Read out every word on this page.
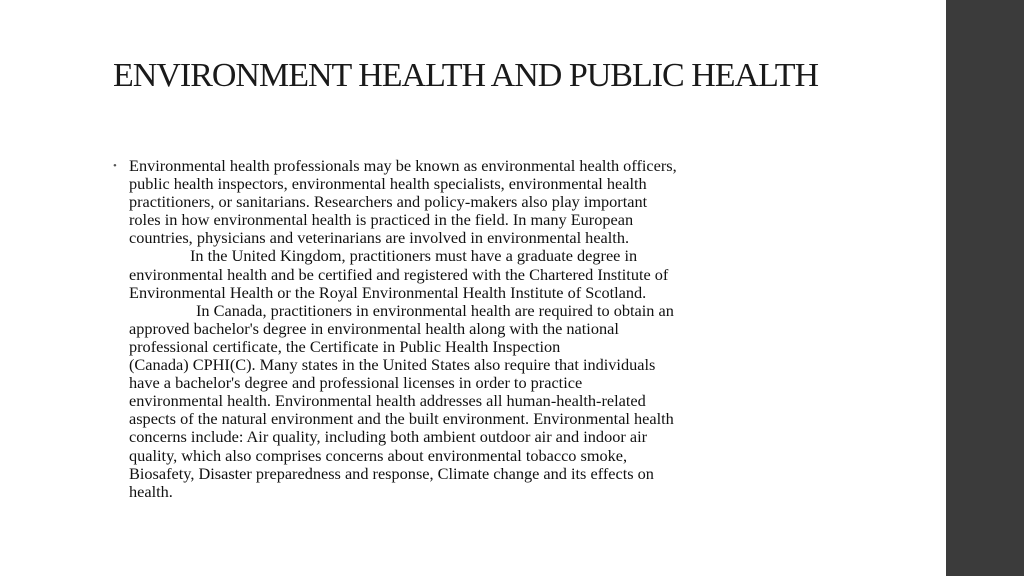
ENVIRONMENT HEALTH AND PUBLIC HEALTH
• Environmental health professionals may be known as environmental health officers,
public health inspectors, environmental health specialists, environmental health
practitioners, or sanitarians. Researchers and policy-makers also play important
roles in how environmental health is practiced in the field. In many European
countries, physicians and veterinarians are involved in environmental health.
In the United Kingdom, practitioners must have a graduate degree in
environmental health and be certified and registered with the Chartered Institute of
Environmental Health or the Royal Environmental Health Institute of Scotland.
In Canada, practitioners in environmental health are required to obtain an
approved bachelor's degree in environmental health along with the national
professional certificate, the Certificate in Public Health Inspection
(Canada) CPHI(C). Many states in the United States also require that individuals
have a bachelor's degree and professional licenses in order to practice
environmental health. Environmental health addresses all human-health-related
aspects of the natural environment and the built environment. Environmental health
concerns include: Air quality, including both ambient outdoor air and indoor air
quality, which also comprises concerns about environmental tobacco smoke,
Biosafety, Disaster preparedness and response, Climate change and its effects on
health.
